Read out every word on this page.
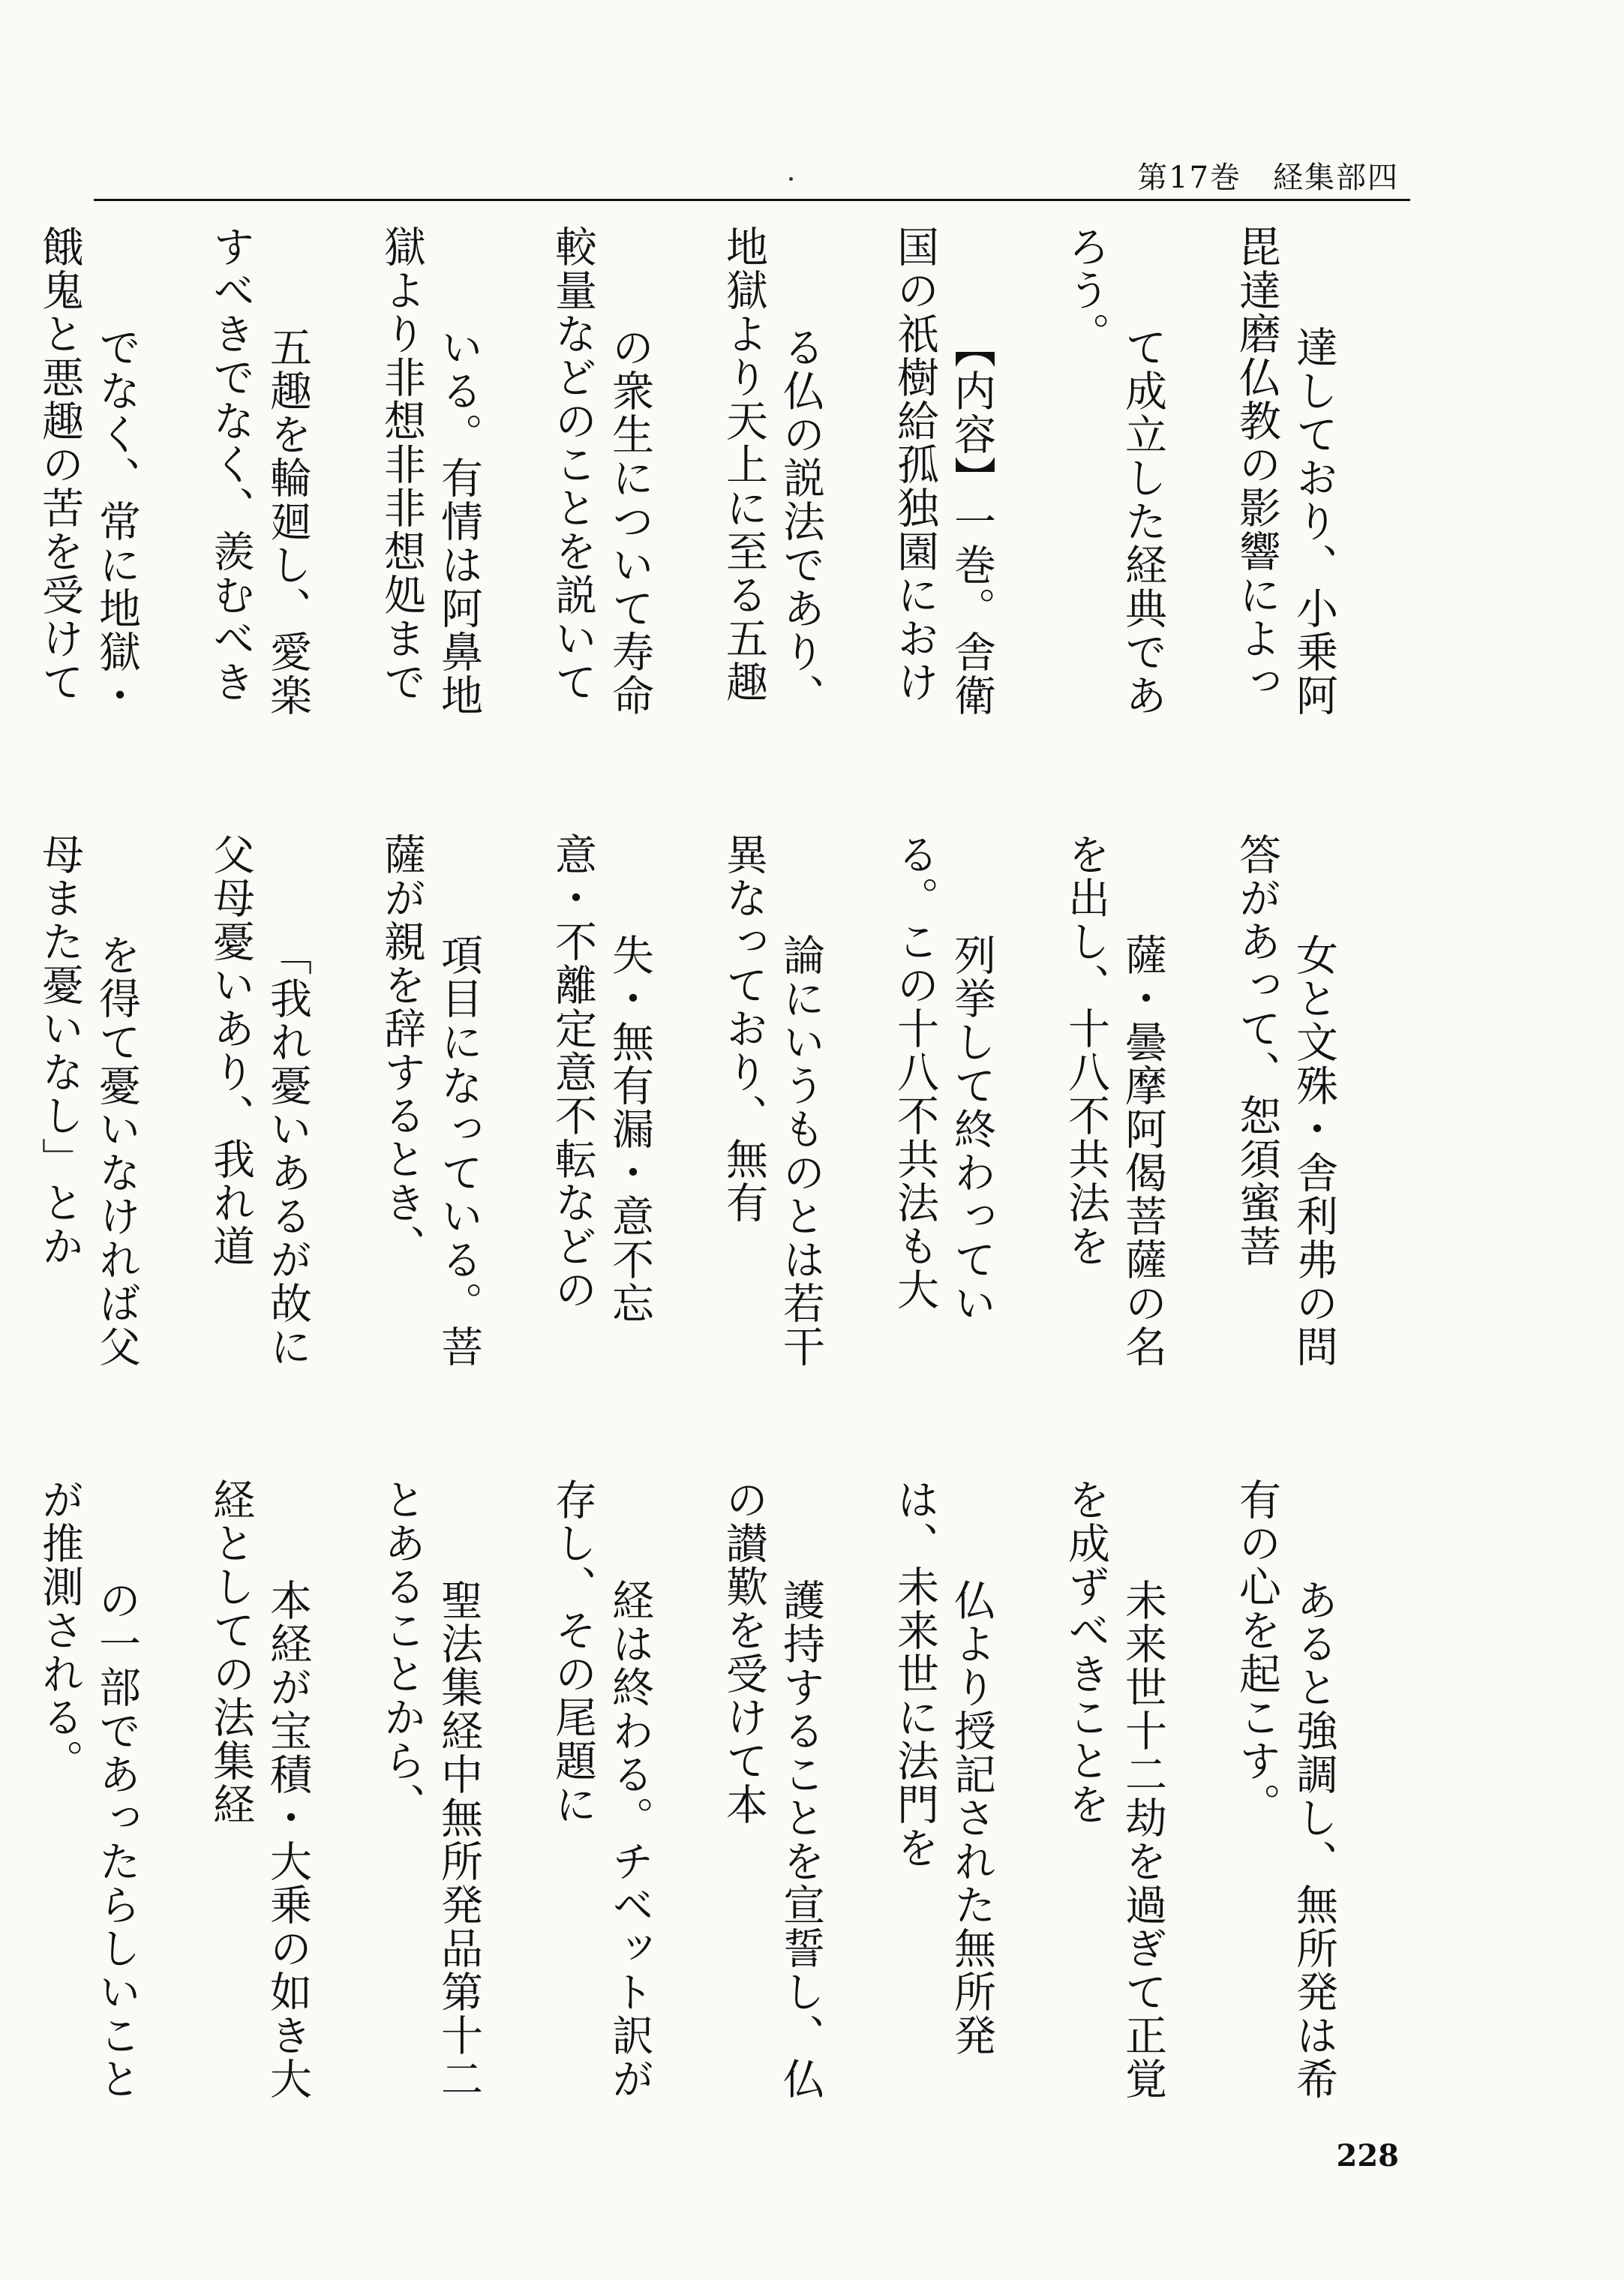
第17巻　経集部四

達しており、小乗阿毘達磨仏教の影響によっ

て成立した経典であろう。

【内容】一巻。舎衛国の祇樹給孤独園におけ

る仏の説法であり、地獄より天上に至る五趣

の衆生について寿命較量などのことを説いて

いる。有情は阿鼻地獄より非想非非想処まで

五趣を輪廻し、愛楽すべきでなく、羨むべき

でなく、常に地獄・餓鬼と悪趣の苦を受けて

女と文殊・舎利弗の問答があって、恕須蜜菩

薩・曇摩阿偈菩薩の名を出し、十八不共法を

列挙して終わっている。この十八不共法も大

論にいうものとは若干異なっており、無有

失・無有漏・意不忘意・不離定意不転などの

項目になっている。菩薩が親を辞するとき、

「我れ憂いあるが故に父母憂いあり、我れ道

を得て憂いなければ父母また憂いなし」とか

あると強調し、無所発は希有の心を起こす。

未来世十二劫を過ぎて正覚を成ずべきことを

仏より授記された無所発は、未来世に法門を

護持することを宣誓し、仏の讃歎を受けて本

経は終わる。チベット訳が存し、その尾題に

聖法集経中無所発品第十二とあることから、

本経が宝積・大乗の如き大経としての法集経

の一部であったらしいことが推測される。

228
